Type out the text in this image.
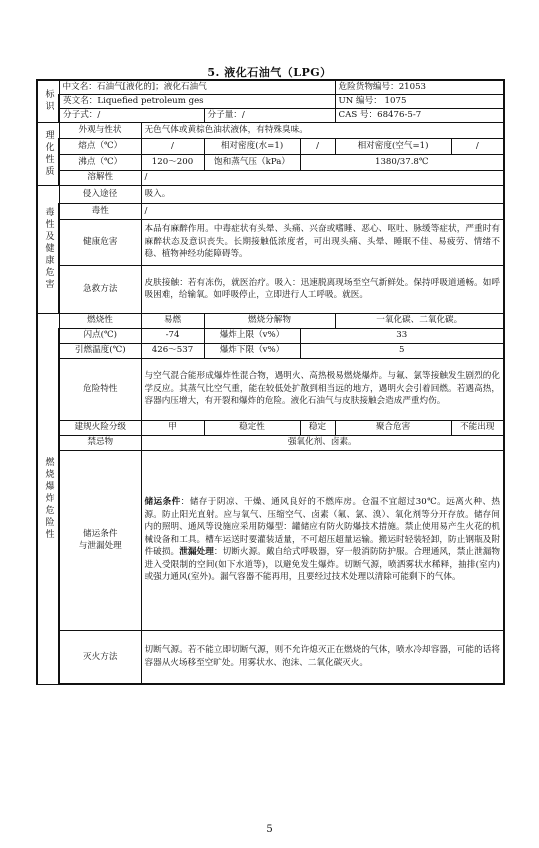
5. 液化石油气（LPG）
标识	中文名：石油气[液化的]；液化石油气				危险货物编号：21053	
	英文名：Liquefied petroleum ges				UN 编号： 1075	
	分子式：/		分子量：/		CAS 号：68476-5-7	
理化性质	外观与性状	无色气体或黄棕色油状液体，有特殊臭味。				
	熔点（℃）	/	相对密度(水=1)	/	相对密度(空气=1)	/
	沸点（℃）	120～200	饱和蒸气压（kPa）	1380/37.8℃		
	溶解性	/				
毒性及健康危害	侵入途径	吸入。				
	毒性	/				
	健康危害	本品有麻醉作用。中毒症状有头晕、头痛、兴奋或嗜睡、恶心、呕吐、脉缓等症状，严重时有麻醉状态及意识丧失。长期接触低浓度者，可出现头痛、头晕、睡眠不佳、易疲劳、情绪不稳、植物神经功能障碍等。				
	急救方法	皮肤接触：若有冻伤，就医治疗。吸入：迅速脱离现场至空气新鲜处。保持呼吸道通畅。如呼吸困难，给输氧。如呼吸停止，立即进行人工呼吸。就医。				
燃烧爆炸危险性	燃烧性	易燃	燃烧分解物		一氧化碳、二氧化碳。	
	闪点(℃)	-74	爆炸上限（v%）	33		
	引燃温度(℃)	426～537	爆炸下限（v%）	5		
	危险特性	与空气混合能形成爆炸性混合物，遇明火、高热极易燃烧爆炸。与氟、氯等接触发生剧烈的化学反应。其蒸气比空气重，能在较低处扩散到相当远的地方，遇明火会引着回燃。若遇高热，容器内压增大，有开裂和爆炸的危险。液化石油气与皮肤接触会造成严重灼伤。				
	建规火险分级	甲	稳定性	稳定	聚合危害	不能出现
	禁忌物	强氧化剂、卤素。				

	储运条件
与泄漏处理	储运条件：储存于阴凉、干燥、通风良好的不燃库房。仓温不宜超过30℃。远离火种、热源。防止阳光直射。应与氧气、压缩空气、卤素（氟、氯、溴）、氧化剂等分开存放。储存间内的照明、通风等设施应采用防爆型：罐储应有防火防爆技术措施。禁止使用易产生火花的机械设备和工具。槽车运送时要灌装适量，不可超压超量运输。搬运时轻装轻卸，防止钢瓶及附件破损。泄漏处理：切断火源。戴自给式呼吸器，穿一般消防防护服。合理通风，禁止泄漏物进入受限制的空间(如下水道等)，以避免发生爆炸。切断气源，喷洒雾状水稀释，抽排(室内)或强力通风(室外)。漏气容器不能再用，且要经过技术处理以清除可能剩下的气体。				
	灭火方法	切断气源。若不能立即切断气源，则不允许熄灭正在燃烧的气体，喷水冷却容器，可能的话将容器从火场移至空旷处。用雾状水、泡沫、二氧化碳灭火。				
5
